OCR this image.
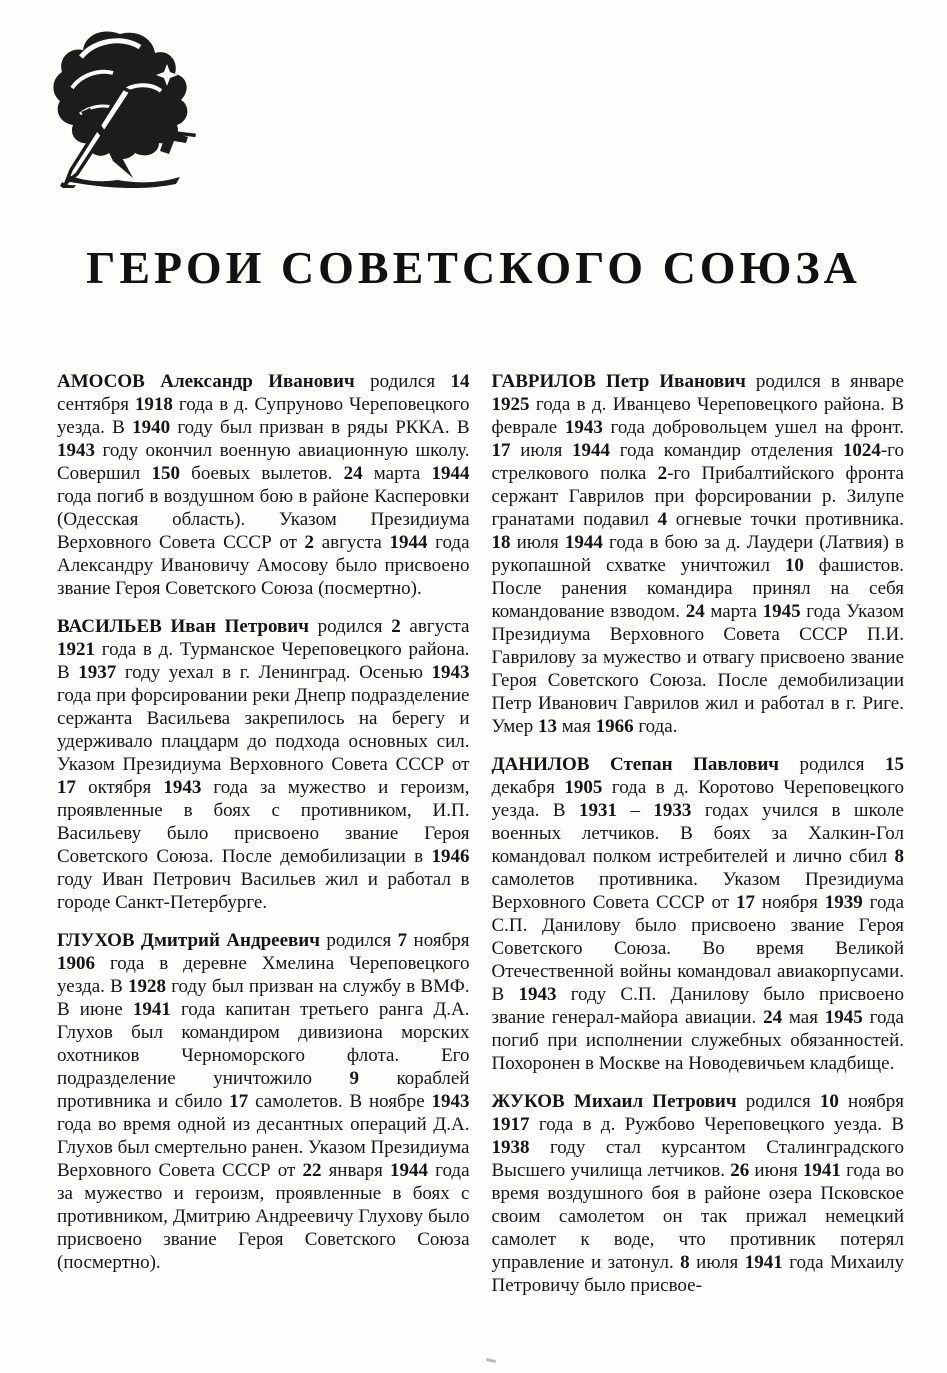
ГЕРОИ СОВЕТСКОГО СОЮЗА

АМОСОВ Александр Иванович родился 14 сентября 1918 года в д. Супруново Череповецкого уезда. В 1940 году был призван в ряды РККА. В 1943 году окончил военную авиационную школу. Совершил 150 боевых вылетов. 24 марта 1944 года погиб в воздушном бою в районе Касперовки (Одесская область). Указом Президиума Верховного Совета СССР от 2 августа 1944 года Александру Ивановичу Амосову было присвоено звание Героя Советского Союза (посмертно).

ВАСИЛЬЕВ Иван Петрович родился 2 августа 1921 года в д. Турманское Череповецкого района. В 1937 году уехал в г. Ленинград. Осенью 1943 года при форсировании реки Днепр подразделение сержанта Васильева закрепилось на берегу и удерживало плацдарм до подхода основных сил. Указом Президиума Верховного Совета СССР от 17 октября 1943 года за мужество и героизм, проявленные в боях с противником, И.П. Васильеву было присвоено звание Героя Советского Союза. После демобилизации в 1946 году Иван Петрович Васильев жил и работал в городе Санкт-Петербурге.

ГЛУХОВ Дмитрий Андреевич родился 7 ноября 1906 года в деревне Хмелина Череповецкого уезда. В 1928 году был призван на службу в ВМФ. В июне 1941 года капитан третьего ранга Д.А. Глухов был командиром дивизиона морских охотников Черноморского флота. Его подразделение уничтожило 9 кораблей противника и сбило 17 самолетов. В ноябре 1943 года во время одной из десантных операций Д.А. Глухов был смертельно ранен. Указом Президиума Верховного Совета СССР от 22 января 1944 года за мужество и героизм, проявленные в боях с противником, Дмитрию Андреевичу Глухову было присвоено звание Героя Советского Союза (посмертно).

ГАВРИЛОВ Петр Иванович родился в январе 1925 года в д. Иванцево Череповецкого района. В феврале 1943 года добровольцем ушел на фронт. 17 июля 1944 года командир отделения 1024-го стрелкового полка 2-го Прибалтийского фронта сержант Гаврилов при форсировании р. Зилупе гранатами подавил 4 огневые точки противника. 18 июля 1944 года в бою за д. Лаудери (Латвия) в рукопашной схватке уничтожил 10 фашистов. После ранения командира принял на себя командование взводом. 24 марта 1945 года Указом Президиума Верховного Совета СССР П.И. Гаврилову за мужество и отвагу присвоено звание Героя Советского Союза. После демобилизации Петр Иванович Гаврилов жил и работал в г. Риге. Умер 13 мая 1966 года.

ДАНИЛОВ Степан Павлович родился 15 декабря 1905 года в д. Коротово Череповецкого уезда. В 1931 – 1933 годах учился в школе военных летчиков. В боях за Халкин-Гол командовал полком истребителей и лично сбил 8 самолетов противника. Указом Президиума Верховного Совета СССР от 17 ноября 1939 года С.П. Данилову было присвоено звание Героя Советского Союза. Во время Великой Отечественной войны командовал авиакорпусами. В 1943 году С.П. Данилову было присвоено звание генерал-майора авиации. 24 мая 1945 года погиб при исполнении служебных обязанностей. Похоронен в Москве на Новодевичьем кладбище.

ЖУКОВ Михаил Петрович родился 10 ноября 1917 года в д. Ружбово Череповецкого уезда. В 1938 году стал курсантом Сталинградского Высшего училища летчиков. 26 июня 1941 года во время воздушного боя в районе озера Псковское своим самолетом он так прижал немецкий самолет к воде, что противник потерял управление и затонул. 8 июля 1941 года Михаилу Петровичу было присвое-
